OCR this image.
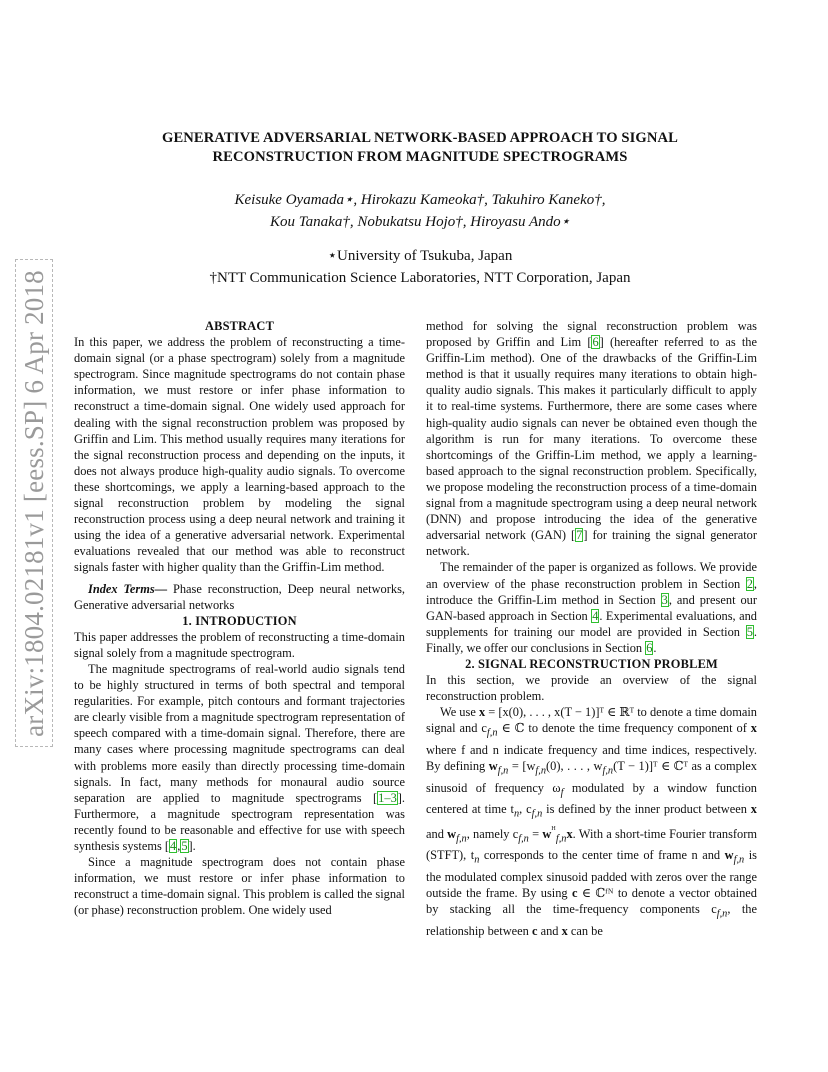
arXiv:1804.02181v1 [eess.SP] 6 Apr 2018
GENERATIVE ADVERSARIAL NETWORK-BASED APPROACH TO SIGNAL
RECONSTRUCTION FROM MAGNITUDE SPECTROGRAMS
Keisuke Oyamada⋆, Hirokazu Kameoka†, Takuhiro Kaneko†,
Kou Tanaka†, Nobukatsu Hojo†, Hiroyasu Ando⋆
⋆University of Tsukuba, Japan
†NTT Communication Science Laboratories, NTT Corporation, Japan

ABSTRACT

In this paper, we address the problem of reconstructing a time-domain signal (or a phase spectrogram) solely from a magnitude spectrogram. Since magnitude spectrograms do not contain phase information, we must restore or infer phase information to reconstruct a time-domain signal. One widely used approach for dealing with the signal reconstruction problem was proposed by Griffin and Lim. This method usually requires many iterations for the signal reconstruction process and depending on the inputs, it does not always produce high-quality audio signals. To overcome these shortcomings, we apply a learning-based approach to the signal reconstruction problem by modeling the signal reconstruction process using a deep neural network and training it using the idea of a generative adversarial network. Experimental evaluations revealed that our method was able to reconstruct signals faster with higher quality than the Griffin-Lim method.

Index Terms— Phase reconstruction, Deep neural networks, Generative adversarial networks

1. INTRODUCTION

This paper addresses the problem of reconstructing a time-domain signal solely from a magnitude spectrogram.

The magnitude spectrograms of real-world audio signals tend to be highly structured in terms of both spectral and temporal regularities. For example, pitch contours and formant trajectories are clearly visible from a magnitude spectrogram representation of speech compared with a time-domain signal. Therefore, there are many cases where processing magnitude spectrograms can deal with problems more easily than directly processing time-domain signals. In fact, many methods for monaural audio source separation are applied to magnitude spectrograms [1–3]. Furthermore, a magnitude spectrogram representation was recently found to be reasonable and effective for use with speech synthesis systems [4,5].

Since a magnitude spectrogram does not contain phase information, we must restore or infer phase information to reconstruct a time-domain signal. This problem is called the signal (or phase) reconstruction problem. One widely used

method for solving the signal reconstruction problem was proposed by Griffin and Lim [6] (hereafter referred to as the Griffin-Lim method). One of the drawbacks of the Griffin-Lim method is that it usually requires many iterations to obtain high-quality audio signals. This makes it particularly difficult to apply it to real-time systems. Furthermore, there are some cases where high-quality audio signals can never be obtained even though the algorithm is run for many iterations. To overcome these shortcomings of the Griffin-Lim method, we apply a learning-based approach to the signal reconstruction problem. Specifically, we propose modeling the reconstruction process of a time-domain signal from a magnitude spectrogram using a deep neural network (DNN) and propose introducing the idea of the generative adversarial network (GAN) [7] for training the signal generator network.

The remainder of the paper is organized as follows. We provide an overview of the phase reconstruction problem in Section 2, introduce the Griffin-Lim method in Section 3, and present our GAN-based approach in Section 4. Experimental evaluations, and supplements for training our model are provided in Section 5. Finally, we offer our conclusions in Section 6.

2. SIGNAL RECONSTRUCTION PROBLEM

In this section, we provide an overview of the signal reconstruction problem.

We use x = [x(0), . . . , x(T − 1)]ᵀ ∈ ℝᵀ to denote a time domain signal and $c_{f,n}$ ∈ ℂ to denote the time frequency component of x where f and n indicate frequency and time indices, respectively. By defining $w_{f,n} = [w_{f,n}(0)$, . . . , $w_{f,n}(T$ − 1)]ᵀ ∈ ℂᵀ as a complex sinusoid of frequency $\omega_f$ modulated by a window function centered at time $t_n$, $c_{f,n}$ is defined by the inner product between x and $w_{f,n}$, namely $c_{f,n} = w^ᴴ_{f,n}x$. With a short-time Fourier transform (STFT), $t_n$ corresponds to the center time of frame n and $w_{f,n}$ is the modulated complex sinusoid padded with zeros over the range outside the frame. By using c ∈ ℂᶠᴺ to denote a vector obtained by stacking all the time-frequency components $c_{f,n}$, the relationship between c and x can be
